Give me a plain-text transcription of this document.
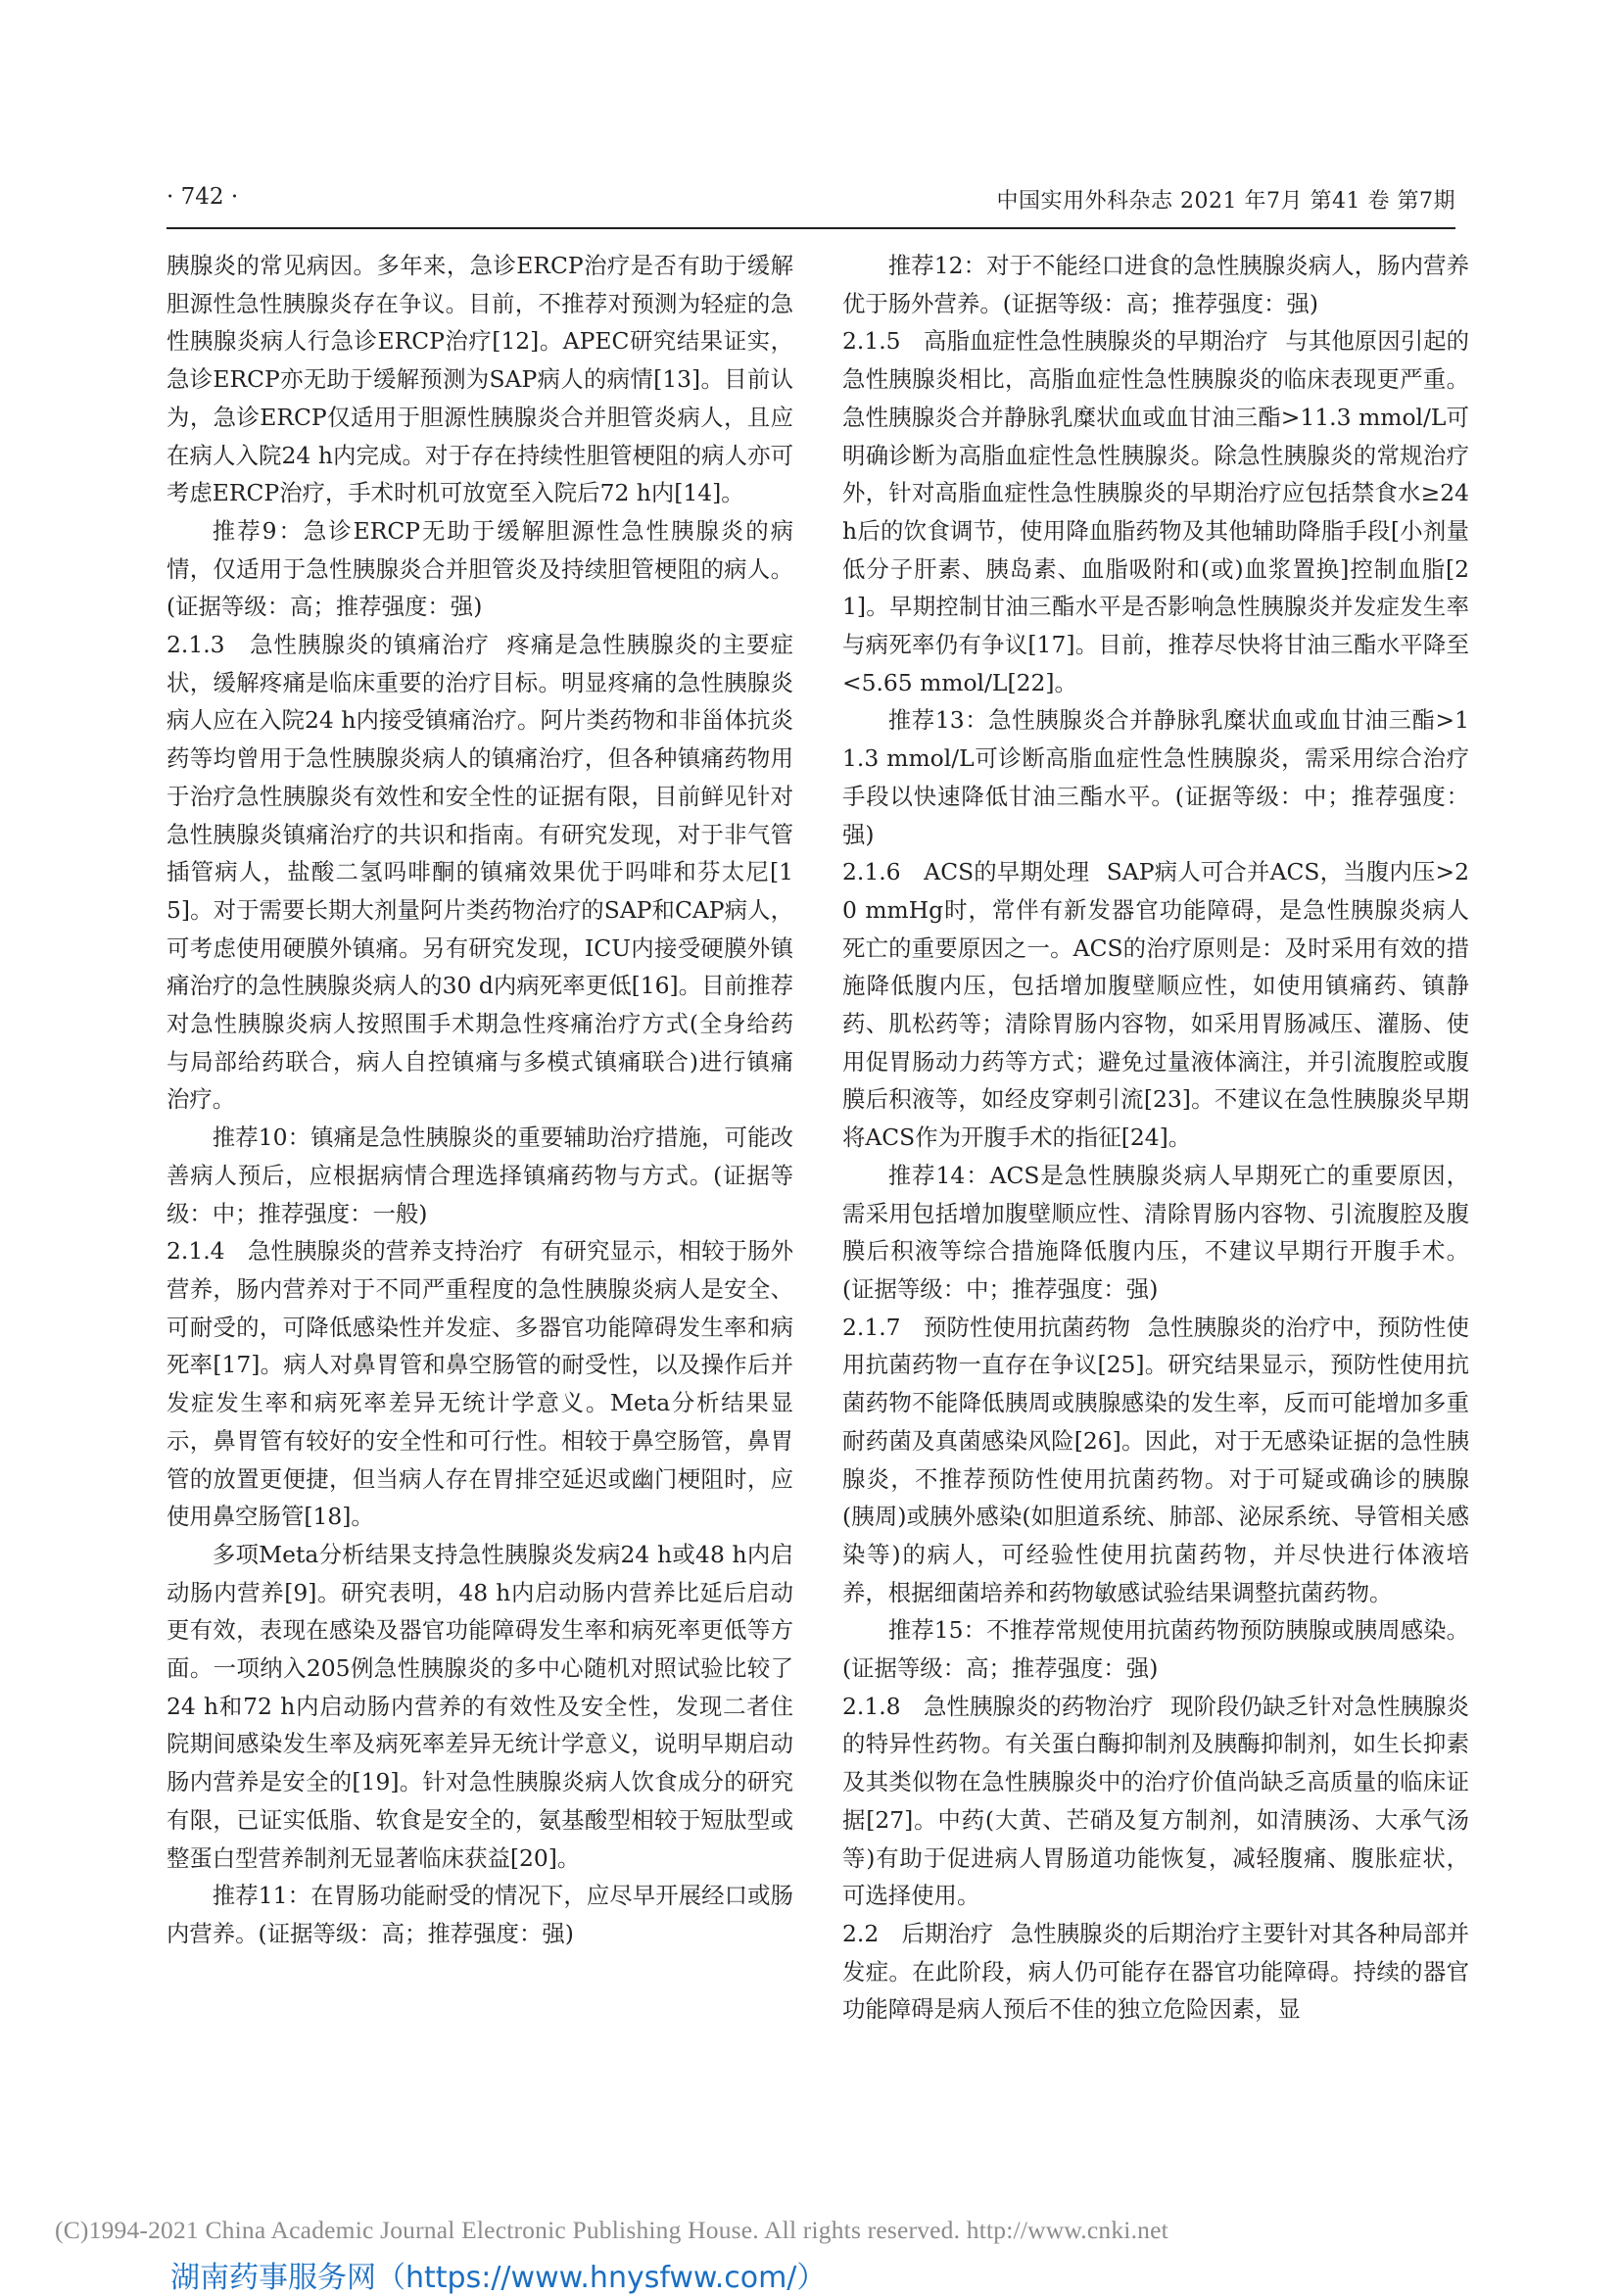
· 742 ·	中国实用外科杂志 2021 年7月 第41 卷 第7期

胰腺炎的常见病因。多年来，急诊ERCP治疗是否有助于缓解胆源性急性胰腺炎存在争议。目前，不推荐对预测为轻症的急性胰腺炎病人行急诊ERCP治疗[12]。APEC研究结果证实，急诊ERCP亦无助于缓解预测为SAP病人的病情[13]。目前认为，急诊ERCP仅适用于胆源性胰腺炎合并胆管炎病人，且应在病人入院24 h内完成。对于存在持续性胆管梗阻的病人亦可考虑ERCP治疗，手术时机可放宽至入院后72 h内[14]。

推荐9：急诊ERCP无助于缓解胆源性急性胰腺炎的病情，仅适用于急性胰腺炎合并胆管炎及持续胆管梗阻的病人。(证据等级：高；推荐强度：强)

2.1.3　急性胰腺炎的镇痛治疗 疼痛是急性胰腺炎的主要症状，缓解疼痛是临床重要的治疗目标。明显疼痛的急性胰腺炎病人应在入院24 h内接受镇痛治疗。阿片类药物和非甾体抗炎药等均曾用于急性胰腺炎病人的镇痛治疗，但各种镇痛药物用于治疗急性胰腺炎有效性和安全性的证据有限，目前鲜见针对急性胰腺炎镇痛治疗的共识和指南。有研究发现，对于非气管插管病人，盐酸二氢吗啡酮的镇痛效果优于吗啡和芬太尼[15]。对于需要长期大剂量阿片类药物治疗的SAP和CAP病人，可考虑使用硬膜外镇痛。另有研究发现，ICU内接受硬膜外镇痛治疗的急性胰腺炎病人的30 d内病死率更低[16]。目前推荐对急性胰腺炎病人按照围手术期急性疼痛治疗方式(全身给药与局部给药联合，病人自控镇痛与多模式镇痛联合)进行镇痛治疗。

推荐10：镇痛是急性胰腺炎的重要辅助治疗措施，可能改善病人预后，应根据病情合理选择镇痛药物与方式。(证据等级：中；推荐强度：一般)

2.1.4　急性胰腺炎的营养支持治疗 有研究显示，相较于肠外营养，肠内营养对于不同严重程度的急性胰腺炎病人是安全、可耐受的，可降低感染性并发症、多器官功能障碍发生率和病死率[17]。病人对鼻胃管和鼻空肠管的耐受性，以及操作后并发症发生率和病死率差异无统计学意义。Meta分析结果显示，鼻胃管有较好的安全性和可行性。相较于鼻空肠管，鼻胃管的放置更便捷，但当病人存在胃排空延迟或幽门梗阻时，应使用鼻空肠管[18]。

多项Meta分析结果支持急性胰腺炎发病24 h或48 h内启动肠内营养[9]。研究表明，48 h内启动肠内营养比延后启动更有效，表现在感染及器官功能障碍发生率和病死率更低等方面。一项纳入205例急性胰腺炎的多中心随机对照试验比较了24 h和72 h内启动肠内营养的有效性及安全性，发现二者住院期间感染发生率及病死率差异无统计学意义，说明早期启动肠内营养是安全的[19]。针对急性胰腺炎病人饮食成分的研究有限，已证实低脂、软食是安全的，氨基酸型相较于短肽型或整蛋白型营养制剂无显著临床获益[20]。

推荐11：在胃肠功能耐受的情况下，应尽早开展经口或肠内营养。(证据等级：高；推荐强度：强)

推荐12：对于不能经口进食的急性胰腺炎病人，肠内营养优于肠外营养。(证据等级：高；推荐强度：强)

2.1.5　高脂血症性急性胰腺炎的早期治疗 与其他原因引起的急性胰腺炎相比，高脂血症性急性胰腺炎的临床表现更严重。急性胰腺炎合并静脉乳糜状血或血甘油三酯>11.3 mmol/L可明确诊断为高脂血症性急性胰腺炎。除急性胰腺炎的常规治疗外，针对高脂血症性急性胰腺炎的早期治疗应包括禁食水≥24 h后的饮食调节，使用降血脂药物及其他辅助降脂手段[小剂量低分子肝素、胰岛素、血脂吸附和(或)血浆置换]控制血脂[21]。早期控制甘油三酯水平是否影响急性胰腺炎并发症发生率与病死率仍有争议[17]。目前，推荐尽快将甘油三酯水平降至<5.65 mmol/L[22]。

推荐13：急性胰腺炎合并静脉乳糜状血或血甘油三酯>11.3 mmol/L可诊断高脂血症性急性胰腺炎，需采用综合治疗手段以快速降低甘油三酯水平。(证据等级：中；推荐强度：强)

2.1.6　ACS的早期处理 SAP病人可合并ACS，当腹内压>20 mmHg时，常伴有新发器官功能障碍，是急性胰腺炎病人死亡的重要原因之一。ACS的治疗原则是：及时采用有效的措施降低腹内压，包括增加腹壁顺应性，如使用镇痛药、镇静药、肌松药等；清除胃肠内容物，如采用胃肠减压、灌肠、使用促胃肠动力药等方式；避免过量液体滴注，并引流腹腔或腹膜后积液等，如经皮穿刺引流[23]。不建议在急性胰腺炎早期将ACS作为开腹手术的指征[24]。

推荐14：ACS是急性胰腺炎病人早期死亡的重要原因，需采用包括增加腹壁顺应性、清除胃肠内容物、引流腹腔及腹膜后积液等综合措施降低腹内压，不建议早期行开腹手术。(证据等级：中；推荐强度：强)

2.1.7　预防性使用抗菌药物 急性胰腺炎的治疗中，预防性使用抗菌药物一直存在争议[25]。研究结果显示，预防性使用抗菌药物不能降低胰周或胰腺感染的发生率，反而可能增加多重耐药菌及真菌感染风险[26]。因此，对于无感染证据的急性胰腺炎，不推荐预防性使用抗菌药物。对于可疑或确诊的胰腺(胰周)或胰外感染(如胆道系统、肺部、泌尿系统、导管相关感染等)的病人，可经验性使用抗菌药物，并尽快进行体液培养，根据细菌培养和药物敏感试验结果调整抗菌药物。

推荐15：不推荐常规使用抗菌药物预防胰腺或胰周感染。(证据等级：高；推荐强度：强)

2.1.8　急性胰腺炎的药物治疗 现阶段仍缺乏针对急性胰腺炎的特异性药物。有关蛋白酶抑制剂及胰酶抑制剂，如生长抑素及其类似物在急性胰腺炎中的治疗价值尚缺乏高质量的临床证据[27]。中药(大黄、芒硝及复方制剂，如清胰汤、大承气汤等)有助于促进病人胃肠道功能恢复，减轻腹痛、腹胀症状，可选择使用。

2.2　后期治疗 急性胰腺炎的后期治疗主要针对其各种局部并发症。在此阶段，病人仍可能存在器官功能障碍。持续的器官功能障碍是病人预后不佳的独立危险因素，显

(C)1994-2021 China Academic Journal Electronic Publishing House. All rights reserved. http://www.cnki.net
湖南药事服务网（https://www.hnysfww.com/）
